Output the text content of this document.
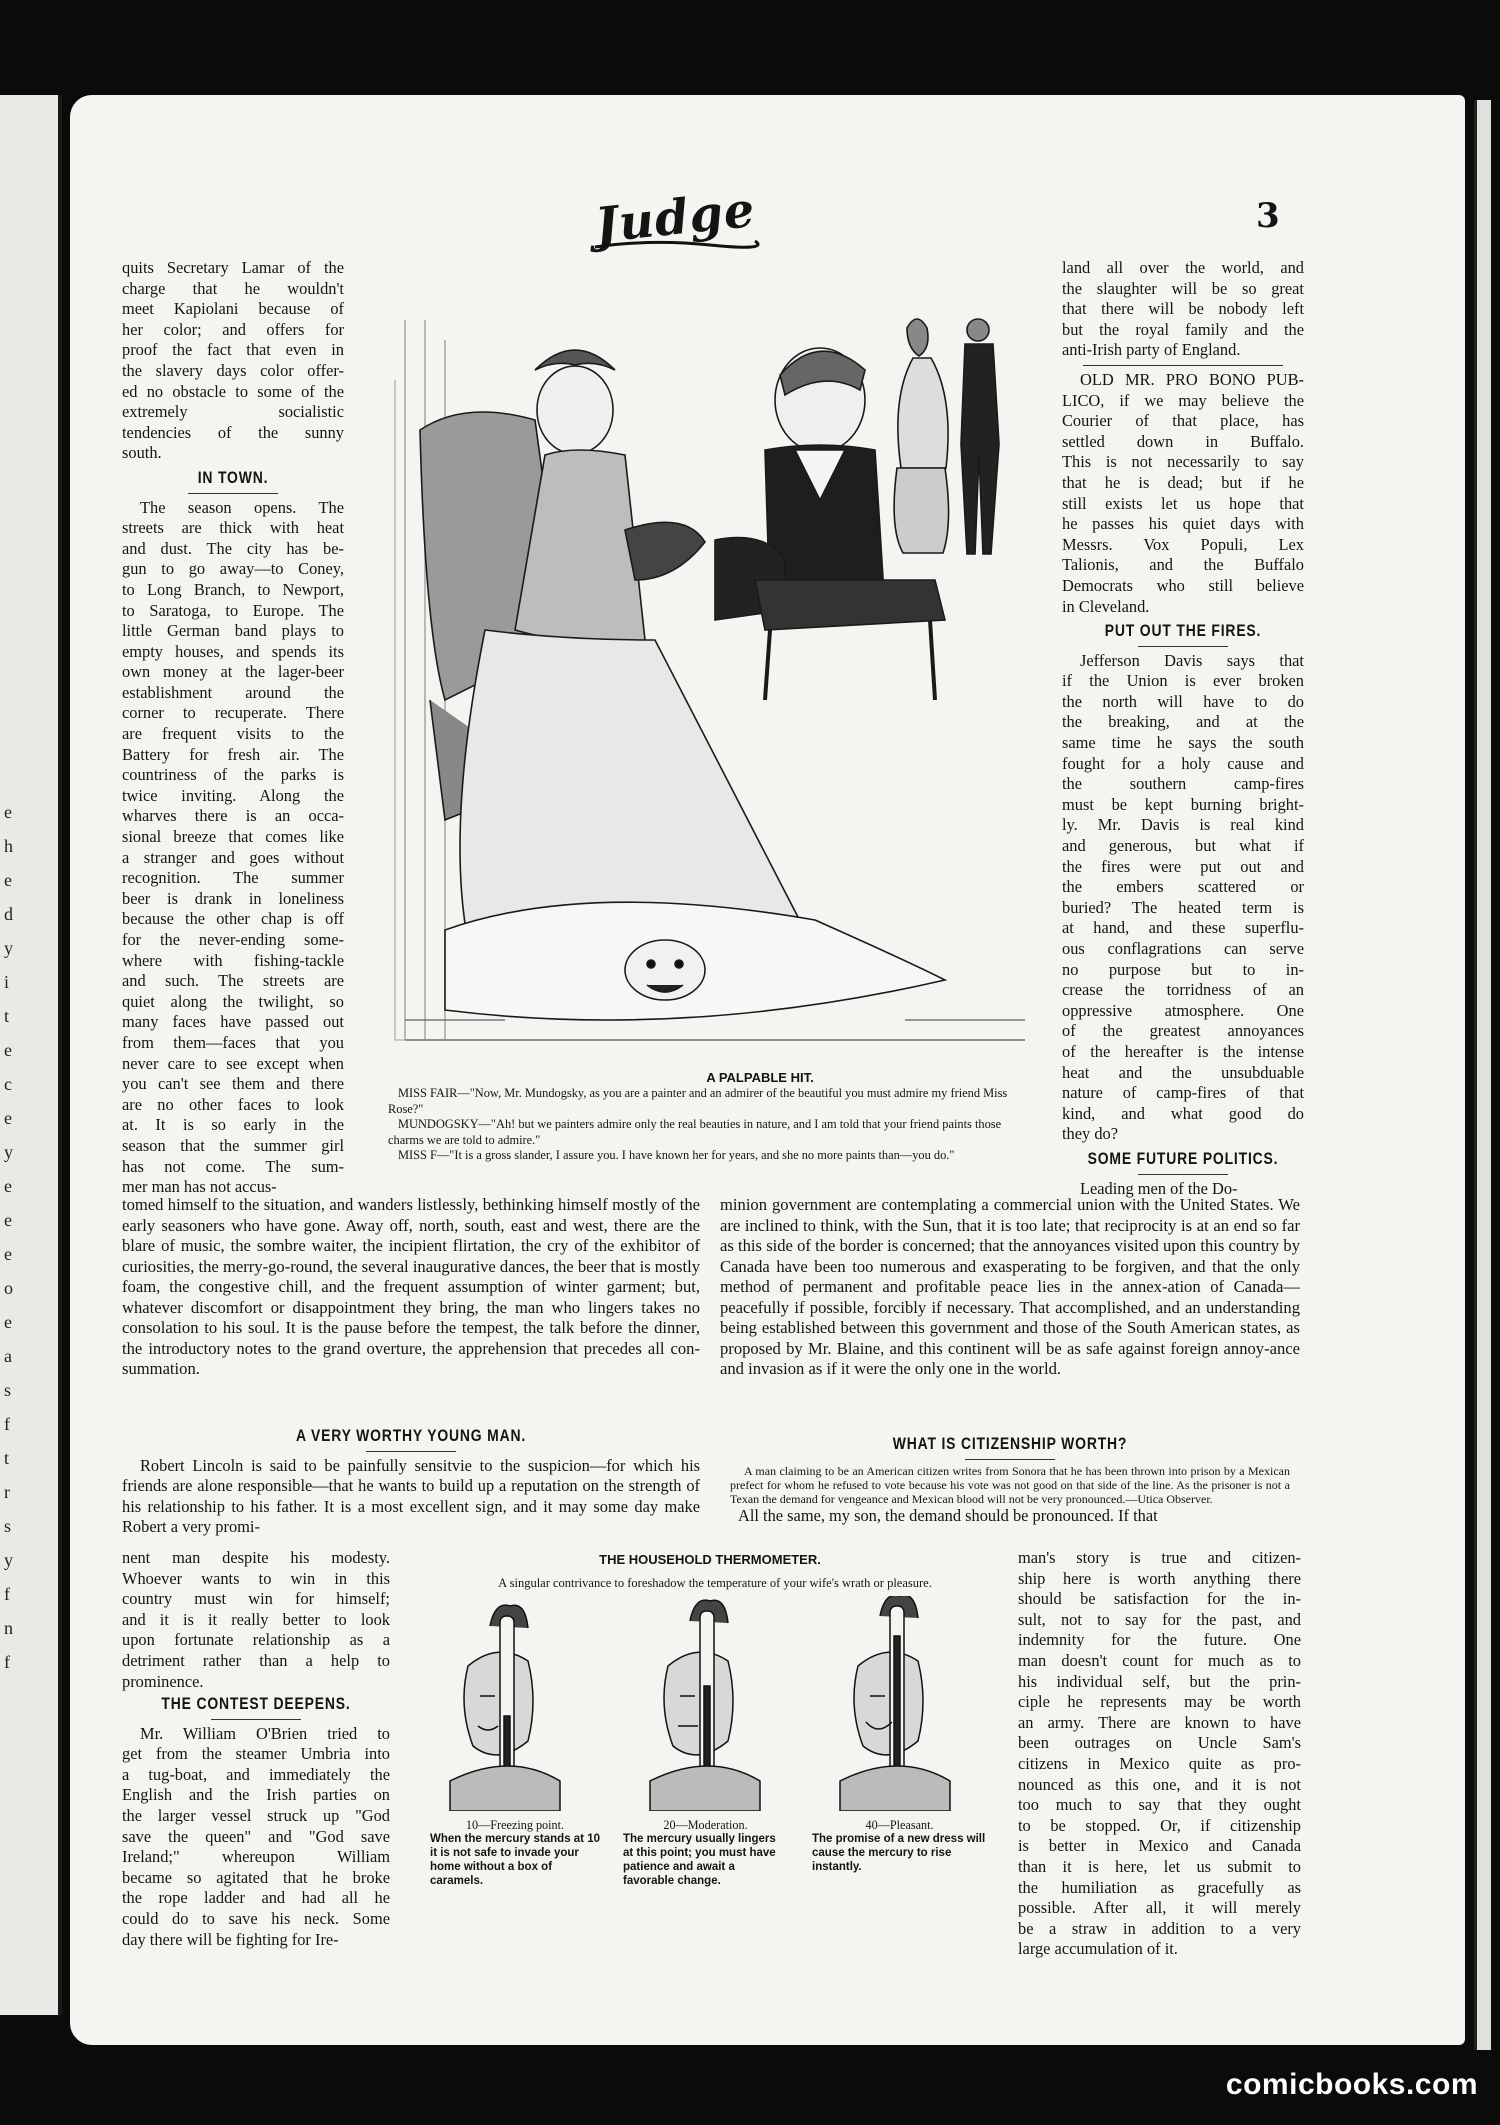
e
h
e
d
y
i
t
e
c
e
y
e
e
e
o
e
a
s
f
t
r
s
y
f
n
f
Judge	3
quits Secretary Lamar of the
charge that he wouldn't
meet Kapiolani because of
her color; and offers for
proof the fact that even in
the slavery days color offer-
ed no obstacle to some of the
extremely socialistic
tendencies of the sunny
south.
IN TOWN.
The season opens. The
streets are thick with heat
and dust. The city has be-
gun to go away—to Coney,
to Long Branch, to Newport,
to Saratoga, to Europe. The
little German band plays to
empty houses, and spends its
own money at the lager-beer
establishment around the
corner to recuperate. There
are frequent visits to the
Battery for fresh air. The
countriness of the parks is
twice inviting. Along the
wharves there is an occa-
sional breeze that comes like
a stranger and goes without
recognition. The summer
beer is drank in loneliness
because the other chap is off
for the never-ending some-
where with fishing-tackle
and such. The streets are
quiet along the twilight, so
many faces have passed out
from them—faces that you
never care to see except when
you can't see them and there
are no other faces to look
at. It is so early in the
season that the summer girl
has not come. The sum-
mer man has not accus-
A PALPABLE HIT.
MISS FAIR—"Now, Mr. Mundogsky, as you are a painter and an admirer of the beautiful you must admire my friend Miss Rose?"
MUNDOGSKY—"Ah! but we painters admire only the real beauties in nature, and I am told that your friend paints those charms we are told to admire."
MISS F—"It is a gross slander, I assure you. I have known her for years, and she no more paints than—you do."
land all over the world, and
the slaughter will be so great
that there will be nobody left
but the royal family and the
anti-Irish party of England.
OLD MR. PRO BONO PUB-
LICO, if we may believe the
Courier of that place, has
settled down in Buffalo.
This is not necessarily to say
that he is dead; but if he
still exists let us hope that
he passes his quiet days with
Messrs. Vox Populi, Lex
Talionis, and the Buffalo
Democrats who still believe
in Cleveland.
PUT OUT THE FIRES.
Jefferson Davis says that
if the Union is ever broken
the north will have to do
the breaking, and at the
same time he says the south
fought for a holy cause and
the southern camp-fires
must be kept burning bright-
ly. Mr. Davis is real kind
and generous, but what if
the fires were put out and
the embers scattered or
buried? The heated term is
at hand, and these superflu-
ous conflagrations can serve
no purpose but to in-
crease the torridness of an
oppressive atmosphere. One
of the greatest annoyances
of the hereafter is the intense
heat and the unsubduable
nature of camp-fires of that
kind, and what good do
they do?
SOME FUTURE POLITICS.

Leading men of the Do-

tomed himself to the situation, and wanders listlessly, bethinking himself mostly of the early seasoners who have gone. Away off, north, south, east and west, there are the blare of music, the sombre waiter, the incipient flirtation, the cry of the exhibitor of curiosities, the merry-go-round, the several inaugurative dances, the beer that is mostly foam, the congestive chill, and the frequent assumption of winter garment; but, whatever discomfort or disappointment they bring, the man who lingers takes no consolation to his soul. It is the pause before the tempest, the talk before the dinner, the introductory notes to the grand overture, the apprehension that precedes all con-summation.
A VERY WORTHY YOUNG MAN.

Robert Lincoln is said to be painfully sensitvie to the suspicion—for which his friends are alone responsible—that he wants to build up a reputation on the strength of his relationship to his father. It is a most excellent sign, and it may some day make Robert a very promi-

nent man despite his modesty.
Whoever wants to win in this
country must win for himself;
and it is it really better to look
upon fortunate relationship as a
detriment rather than a help to
prominence.
THE CONTEST DEEPENS.
Mr. William O'Brien tried to
get from the steamer Umbria into
a tug-boat, and immediately the
English and the Irish parties on
the larger vessel struck up "God
save the queen" and "God save
Ireland;" whereupon William
became so agitated that he broke
the rope ladder and had all he
could do to save his neck. Some
day there will be fighting for Ire-
minion government are contemplating a commercial union with the United States. We are inclined to think, with the Sun, that it is too late; that reciprocity is at an end so far as this side of the border is concerned; that the annoyances visited upon this country by Canada have been too numerous and exasperating to be forgiven, and that the only method of permanent and profitable peace lies in the annex-ation of Canada—peacefully if possible, forcibly if necessary. That accomplished, and an understanding being established between this government and those of the South American states, as proposed by Mr. Blaine, and this continent will be as safe against foreign annoy-ance and invasion as if it were the only one in the world.
WHAT IS CITIZENSHIP WORTH?
A man claiming to be an American citizen writes from Sonora that he has been thrown into prison by a Mexican prefect for whom he refused to vote because his vote was not good on that side of the line. As the prisoner is not a Texan the demand for vengeance and Mexican blood will not be very pronounced.—Utica Observer.

All the same, my son, the demand should be pronounced. If that

man's story is true and citizen-
ship here is worth anything there
should be satisfaction for the in-
sult, not to say for the past, and
indemnity for the future. One
man doesn't count for much as to
his individual self, but the prin-
ciple he represents may be worth
an army. There are known to have
been outrages on Uncle Sam's
citizens in Mexico quite as pro-
nounced as this one, and it is not
too much to say that they ought
to be stopped. Or, if citizenship
is better in Mexico and Canada
than it is here, let us submit to
the humiliation as gracefully as
possible. After all, it will merely
be a straw in addition to a very
large accumulation of it.
THE HOUSEHOLD THERMOMETER.
A singular contrivance to foreshadow the temperature of your wife's wrath or pleasure.
10—Freezing point.
When the mercury stands at 10 it is not safe to invade your home without a box of caramels.
20—Moderation.
The mercury usually lingers at this point; you must have patience and await a favorable change.
40—Pleasant.
The promise of a new dress will cause the mercury to rise instantly.
comicbooks.com
